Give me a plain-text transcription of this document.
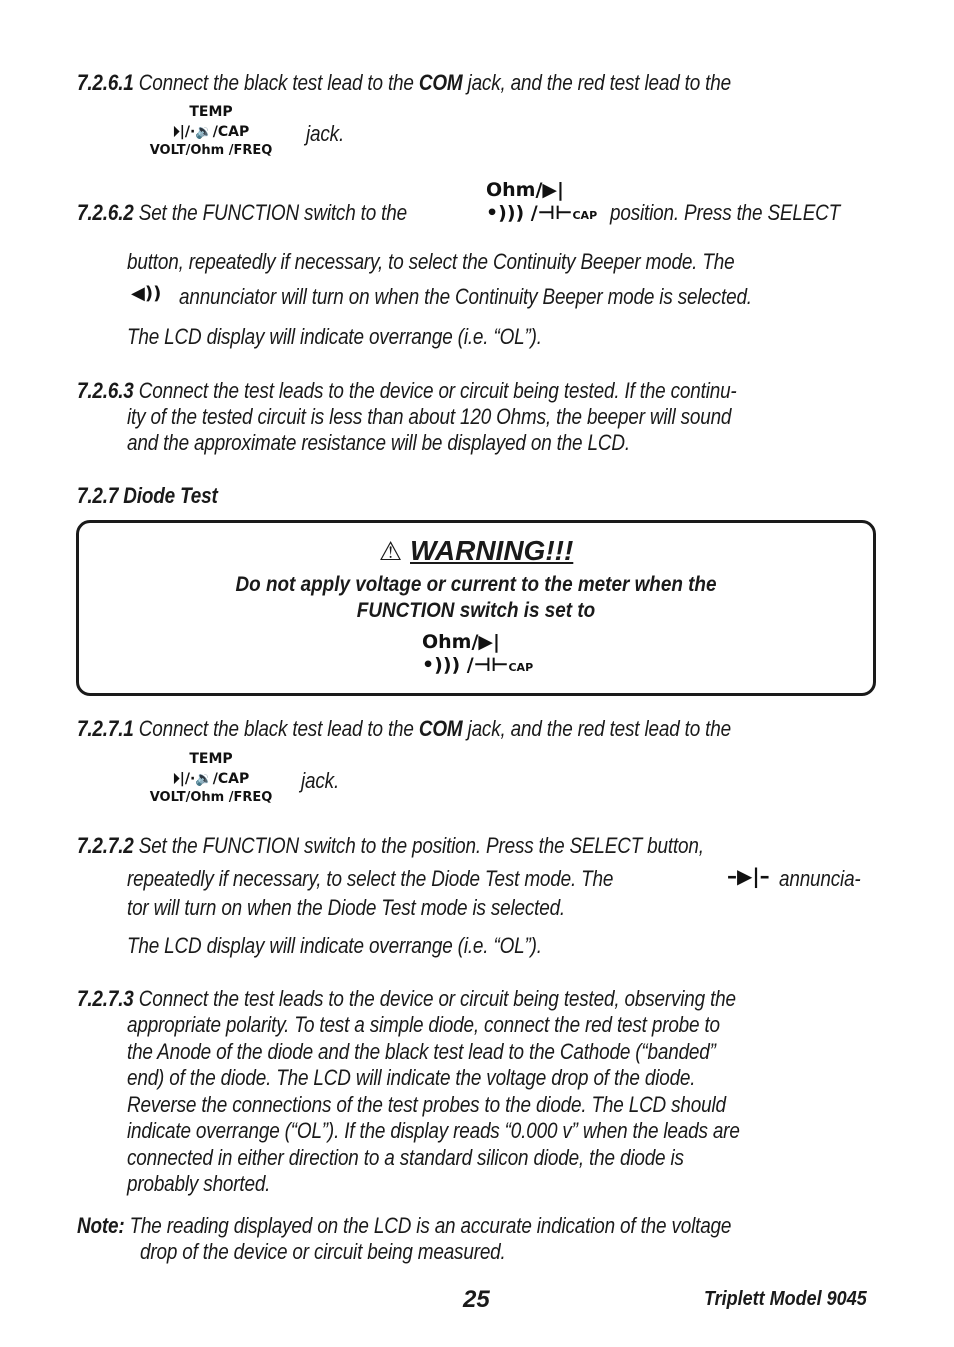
7.2.6.1 Connect the black test lead to the COM jack, and the red test lead to the
TEMP
⏵|/·🔉/CAP
VOLT/Ohm /FREQ
jack.
7.2.6.2 Set the FUNCTION switch to the
Ohm/▶|
•))) /⊣⊢CAP position. Press the SELECT
button, repeatedly if necessary, to select the Continuity Beeper mode. The
◀)) annunciator will turn on when the Continuity Beeper mode is selected.
The LCD display will indicate overrange (i.e. “OL”).
7.2.6.3 Connect the test leads to the device or circuit being tested. If the continu-
ity of the tested circuit is less than about 120 Ohms, the beeper will sound
and the approximate resistance will be displayed on the LCD.
7.2.7 Diode Test
⚠ WARNING!!!
Do not apply voltage or current to the meter when the
FUNCTION switch is set to
Ohm/▶|
•))) /⊣⊢CAP
7.2.7.1 Connect the black test lead to the COM jack, and the red test lead to the
TEMP
⏵|/·🔉/CAP
VOLT/Ohm /FREQ
jack.
7.2.7.2 Set the FUNCTION switch to the position. Press the SELECT button,
repeatedly if necessary, to select the Diode Test mode. The	–▶|– annuncia-
tor will turn on when the Diode Test mode is selected.
The LCD display will indicate overrange (i.e. “OL”).
7.2.7.3 Connect the test leads to the device or circuit being tested, observing the
appropriate polarity. To test a simple diode, connect the red test probe to
the Anode of the diode and the black test lead to the Cathode (“banded”
end) of the diode. The LCD will indicate the voltage drop of the diode.
Reverse the connections of the test probes to the diode. The LCD should
indicate overrange (“OL”). If the display reads “0.000 v” when the leads are
connected in either direction to a standard silicon diode, the diode is
probably shorted.
Note: The reading displayed on the LCD is an accurate indication of the voltage
drop of the device or circuit being measured.
25	Triplett Model 9045
